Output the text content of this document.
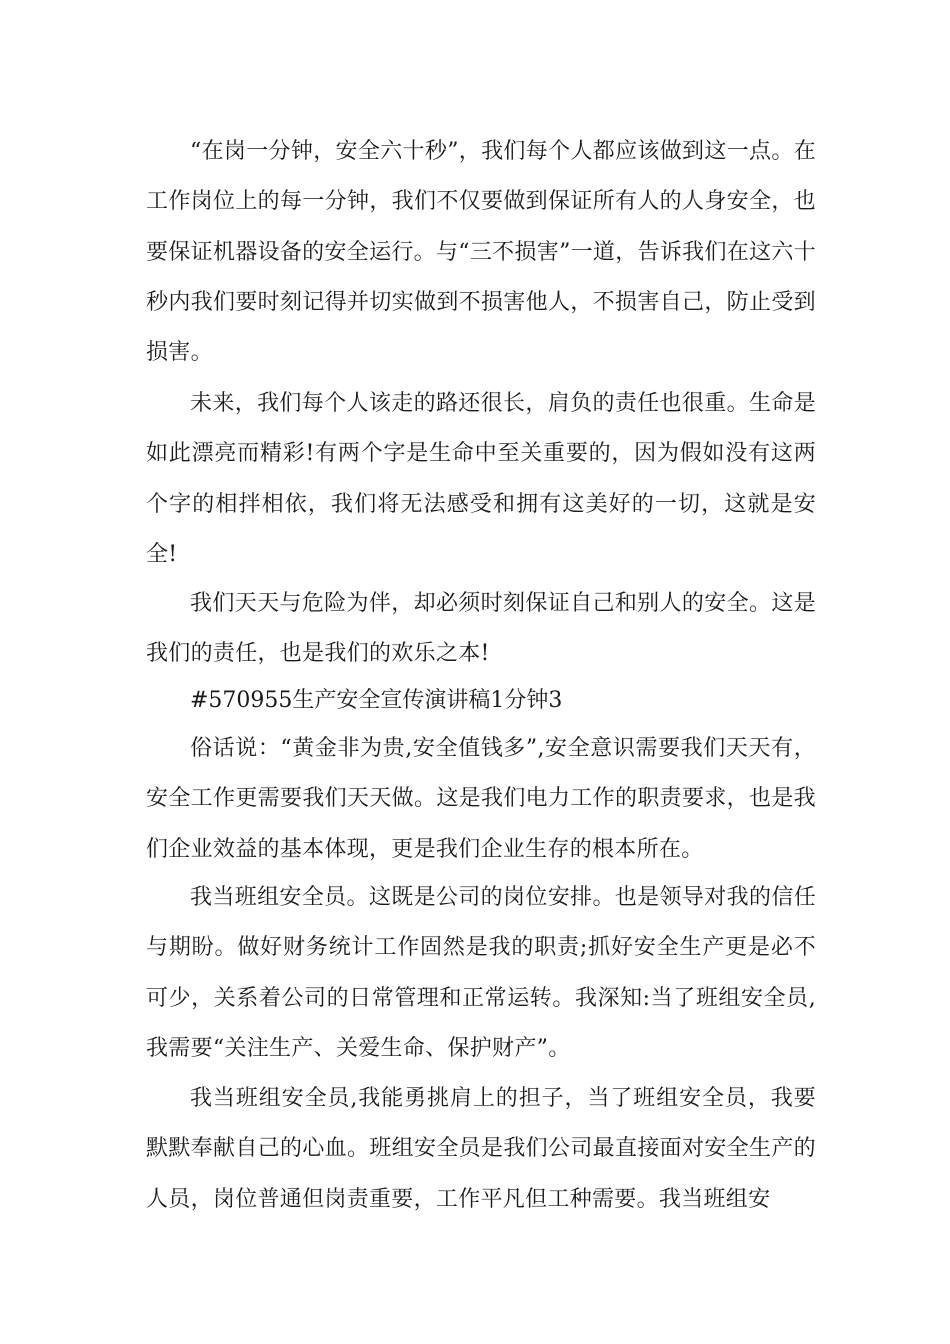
“在岗一分钟，安全六十秒”，我们每个人都应该做到这一点。在工作岗位上的每一分钟，我们不仅要做到保证所有人的人身安全，也要保证机器设备的安全运行。与“三不损害”一道，告诉我们在这六十秒内我们要时刻记得并切实做到不损害他人，不损害自己，防止受到损害。

未来，我们每个人该走的路还很长，肩负的责任也很重。生命是如此漂亮而精彩!有两个字是生命中至关重要的，因为假如没有这两个字的相拌相依，我们将无法感受和拥有这美好的一切，这就是安全!

我们天天与危险为伴，却必须时刻保证自己和别人的安全。这是我们的责任，也是我们的欢乐之本!

#570955生产安全宣传演讲稿1分钟3

俗话说：“黄金非为贵,安全值钱多”,安全意识需要我们天天有，安全工作更需要我们天天做。这是我们电力工作的职责要求，也是我们企业效益的基本体现，更是我们企业生存的根本所在。

我当班组安全员。这既是公司的岗位安排。也是领导对我的信任与期盼。做好财务统计工作固然是我的职责;抓好安全生产更是必不可少，关系着公司的日常管理和正常运转。我深知:当了班组安全员,我需要“关注生产、关爱生命、保护财产”。

我当班组安全员,我能勇挑肩上的担子，当了班组安全员，我要默默奉献自己的心血。班组安全员是我们公司最直接面对安全生产的人员，岗位普通但岗责重要，工作平凡但工种需要。我当班组安
